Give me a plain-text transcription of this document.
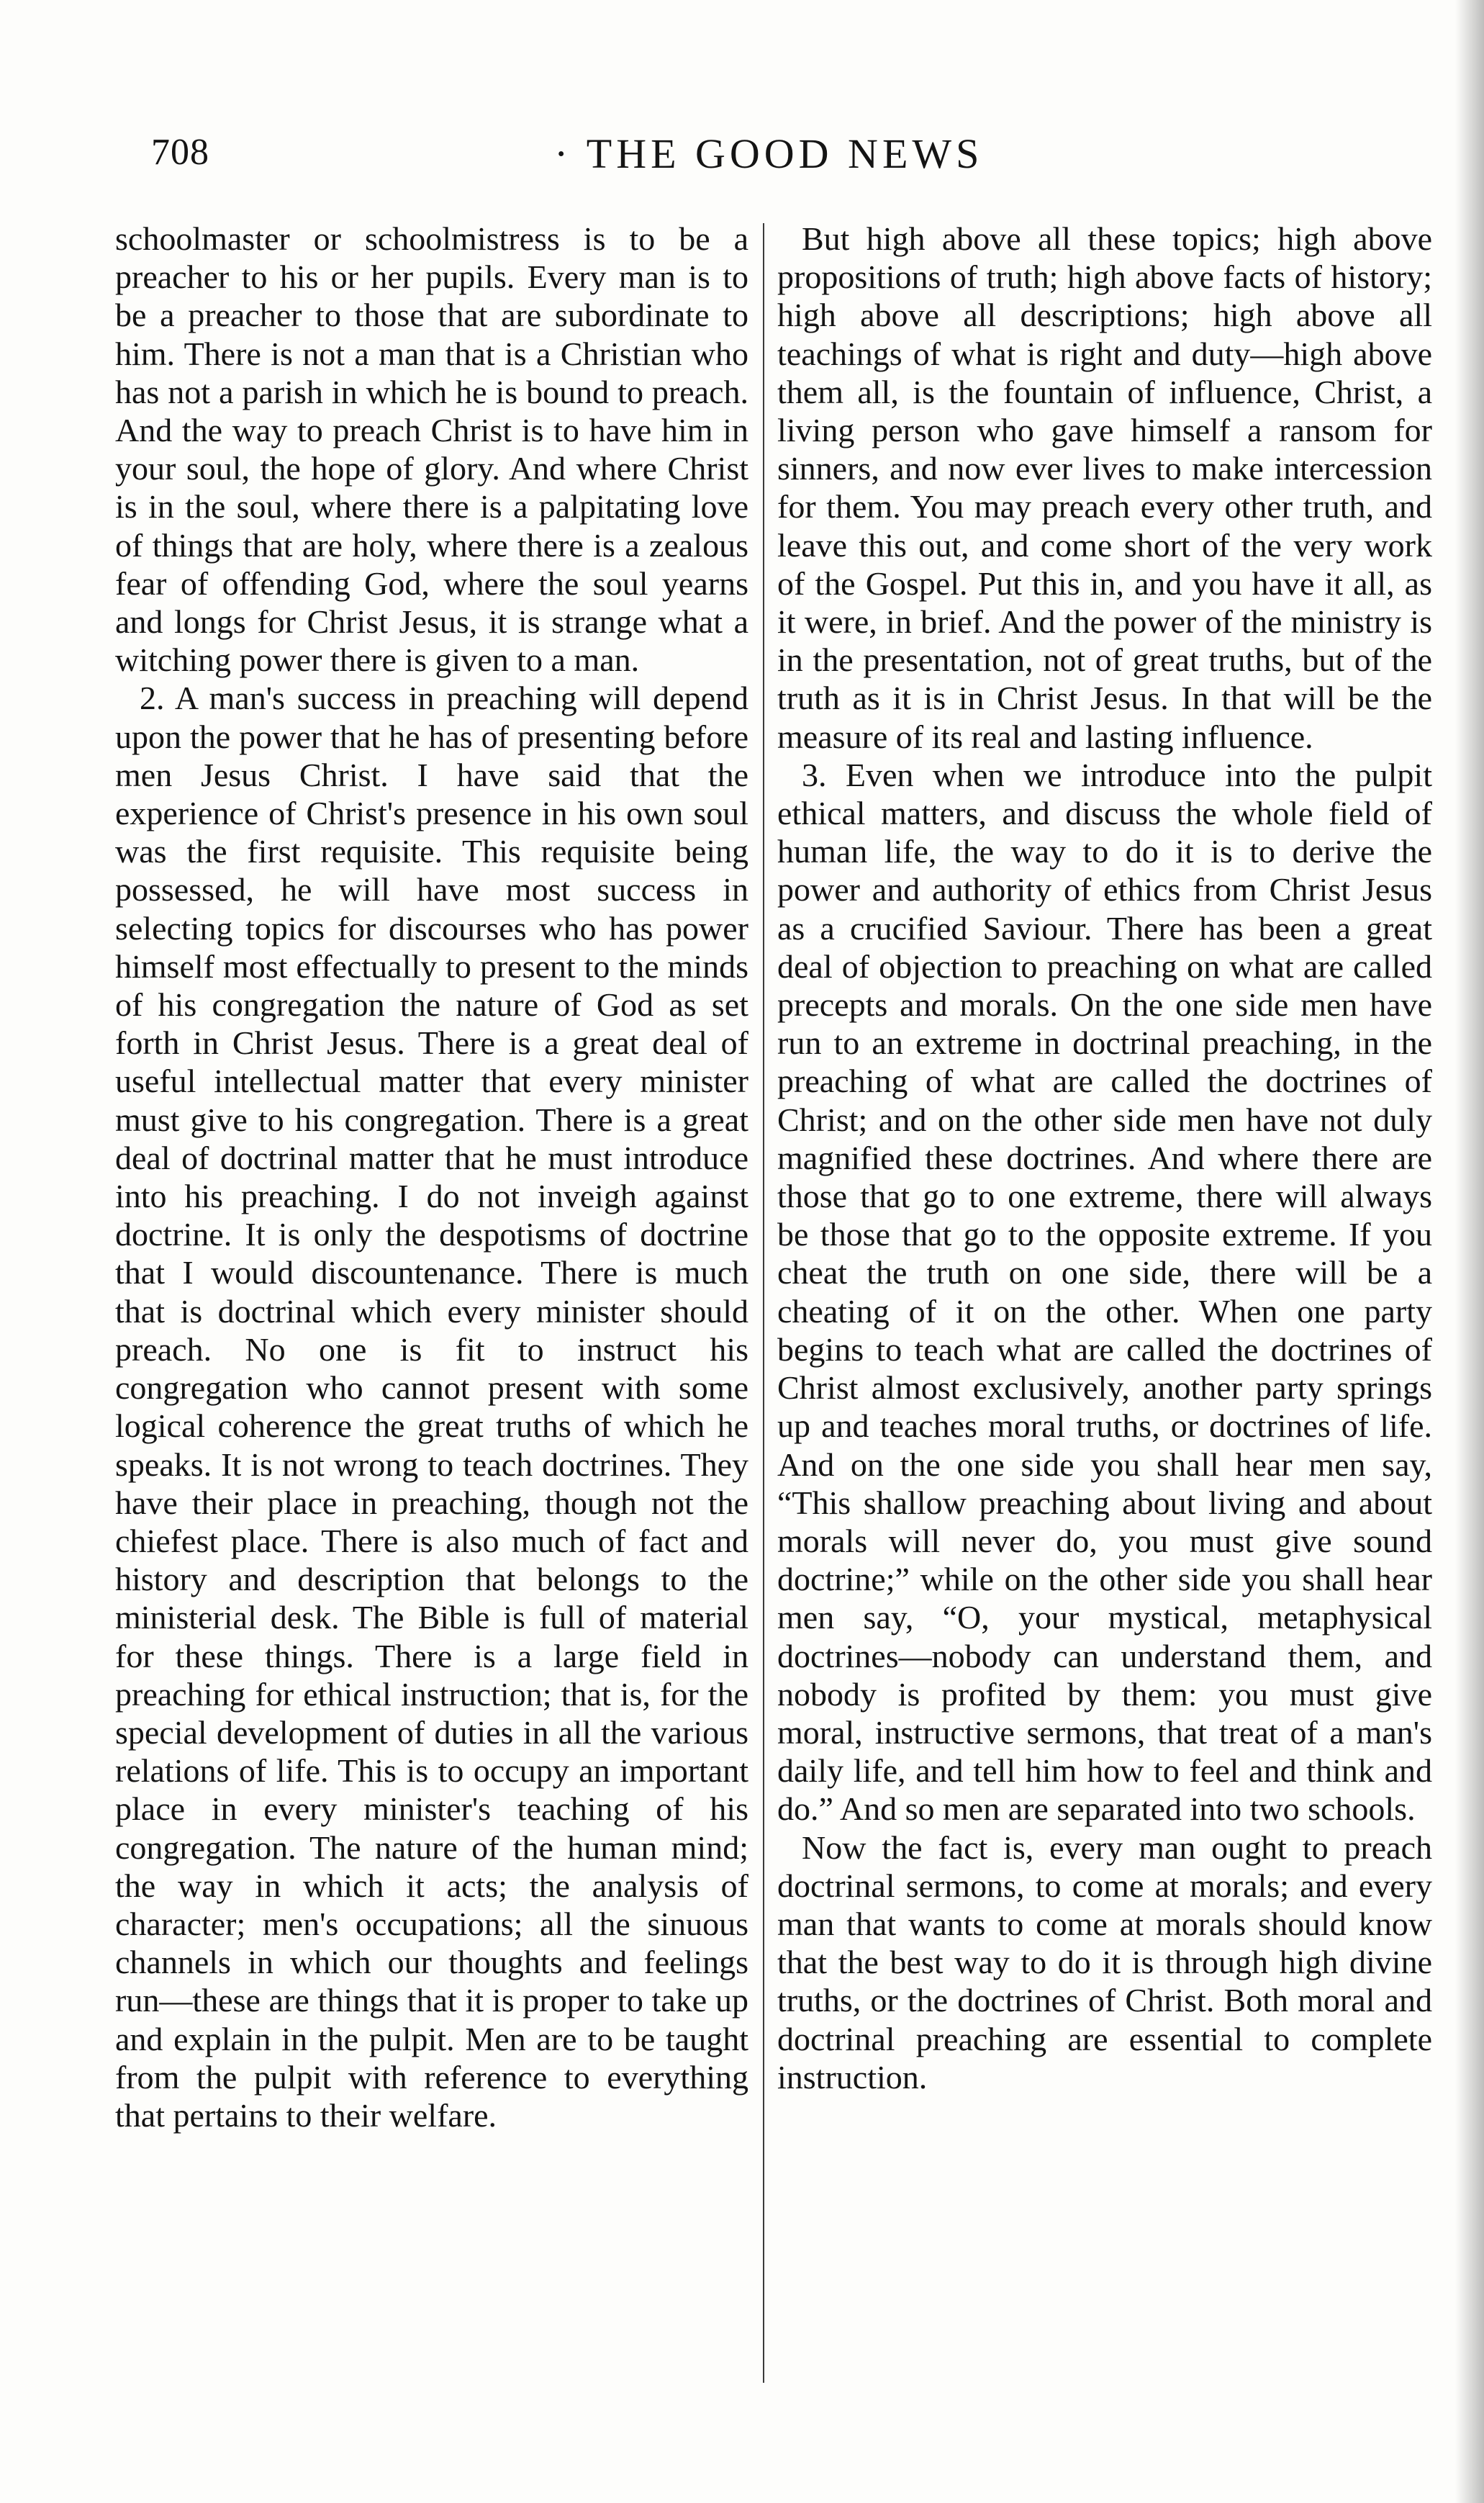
708	· THE GOOD NEWS

schoolmaster or schoolmistress is to be a preacher to his or her pupils. Every man is to be a preacher to those that are subordinate to him. There is not a man that is a Christian who has not a parish in which he is bound to preach. And the way to preach Christ is to have him in your soul, the hope of glory. And where Christ is in the soul, where there is a palpitating love of things that are holy, where there is a zealous fear of offending God, where the soul yearns and longs for Christ Jesus, it is strange what a witching power there is given to a man.

2. A man's success in preaching will depend upon the power that he has of presenting before men Jesus Christ. I have said that the experience of Christ's presence in his own soul was the first requisite. This requisite being possessed, he will have most success in selecting topics for discourses who has power himself most effectually to present to the minds of his congregation the nature of God as set forth in Christ Jesus. There is a great deal of useful intellectual matter that every minister must give to his congregation. There is a great deal of doctrinal matter that he must introduce into his preaching. I do not inveigh against doctrine. It is only the despotisms of doctrine that I would discountenance. There is much that is doctrinal which every minister should preach. No one is fit to instruct his congregation who cannot present with some logical coherence the great truths of which he speaks. It is not wrong to teach doctrines. They have their place in preaching, though not the chiefest place. There is also much of fact and history and description that belongs to the ministerial desk. The Bible is full of material for these things. There is a large field in preaching for ethical instruction; that is, for the special development of duties in all the various relations of life. This is to occupy an important place in every minister's teaching of his congregation. The nature of the human mind; the way in which it acts; the analysis of character; men's occupations; all the sinuous channels in which our thoughts and feelings run—these are things that it is proper to take up and explain in the pulpit. Men are to be taught from the pulpit with reference to everything that pertains to their welfare.

But high above all these topics; high above propositions of truth; high above facts of history; high above all descriptions; high above all teachings of what is right and duty—high above them all, is the fountain of influence, Christ, a living person who gave himself a ransom for sinners, and now ever lives to make intercession for them. You may preach every other truth, and leave this out, and come short of the very work of the Gospel. Put this in, and you have it all, as it were, in brief. And the power of the ministry is in the presentation, not of great truths, but of the truth as it is in Christ Jesus. In that will be the measure of its real and lasting influence.

3. Even when we introduce into the pulpit ethical matters, and discuss the whole field of human life, the way to do it is to derive the power and authority of ethics from Christ Jesus as a crucified Saviour. There has been a great deal of objection to preaching on what are called precepts and morals. On the one side men have run to an extreme in doctrinal preaching, in the preaching of what are called the doctrines of Christ; and on the other side men have not duly magnified these doctrines. And where there are those that go to one extreme, there will always be those that go to the opposite extreme. If you cheat the truth on one side, there will be a cheating of it on the other. When one party begins to teach what are called the doctrines of Christ almost exclusively, another party springs up and teaches moral truths, or doctrines of life. And on the one side you shall hear men say, “This shallow preaching about living and about morals will never do, you must give sound doctrine;” while on the other side you shall hear men say, “O, your mystical, metaphysical doctrines—nobody can understand them, and nobody is profited by them: you must give moral, instructive sermons, that treat of a man's daily life, and tell him how to feel and think and do.” And so men are separated into two schools.

Now the fact is, every man ought to preach doctrinal sermons, to come at morals; and every man that wants to come at morals should know that the best way to do it is through high divine truths, or the doctrines of Christ. Both moral and doctrinal preaching are essential to complete instruction.
